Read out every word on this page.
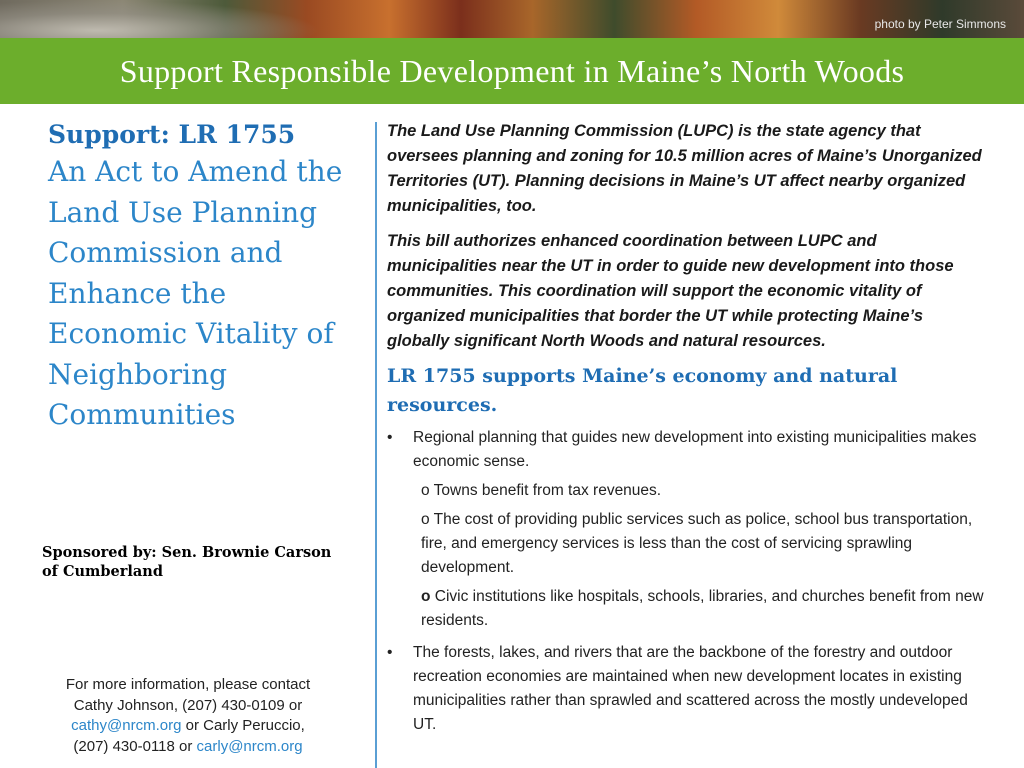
photo by Peter Simmons
Support Responsible Development in Maine’s North Woods
Support: LR 1755
An Act to Amend the
Land Use Planning
Commission and
Enhance the
Economic Vitality of
Neighboring
Communities
Sponsored by: Sen. Brownie Carson
of Cumberland
For more information, please contact
Cathy Johnson, (207) 430-0109 or
cathy@nrcm.org or Carly Peruccio,
(207) 430-0118 or carly@nrcm.org

The Land Use Planning Commission (LUPC) is the state agency that oversees planning and zoning for 10.5 million acres of Maine’s Unorganized Territories (UT). Planning decisions in Maine’s UT affect nearby organized municipalities, too.

This bill authorizes enhanced coordination between LUPC and municipalities near the UT in order to guide new development into those communities. This coordination will support the economic vitality of organized municipalities that border the UT while protecting Maine’s globally significant North Woods and natural resources.

LR 1755 supports Maine’s economy and natural resources.
•	Regional planning that guides new development into existing municipalities makes economic sense.
o Towns benefit from tax revenues.
o The cost of providing public services such as police, school bus transportation, fire, and emergency services is less than the cost of servicing sprawling development.
o Civic institutions like hospitals, schools, libraries, and churches benefit from new residents.
•	The forests, lakes, and rivers that are the backbone of the forestry and outdoor recreation economies are maintained when new development locates in existing municipalities rather than sprawled and scattered across the mostly undeveloped UT.
